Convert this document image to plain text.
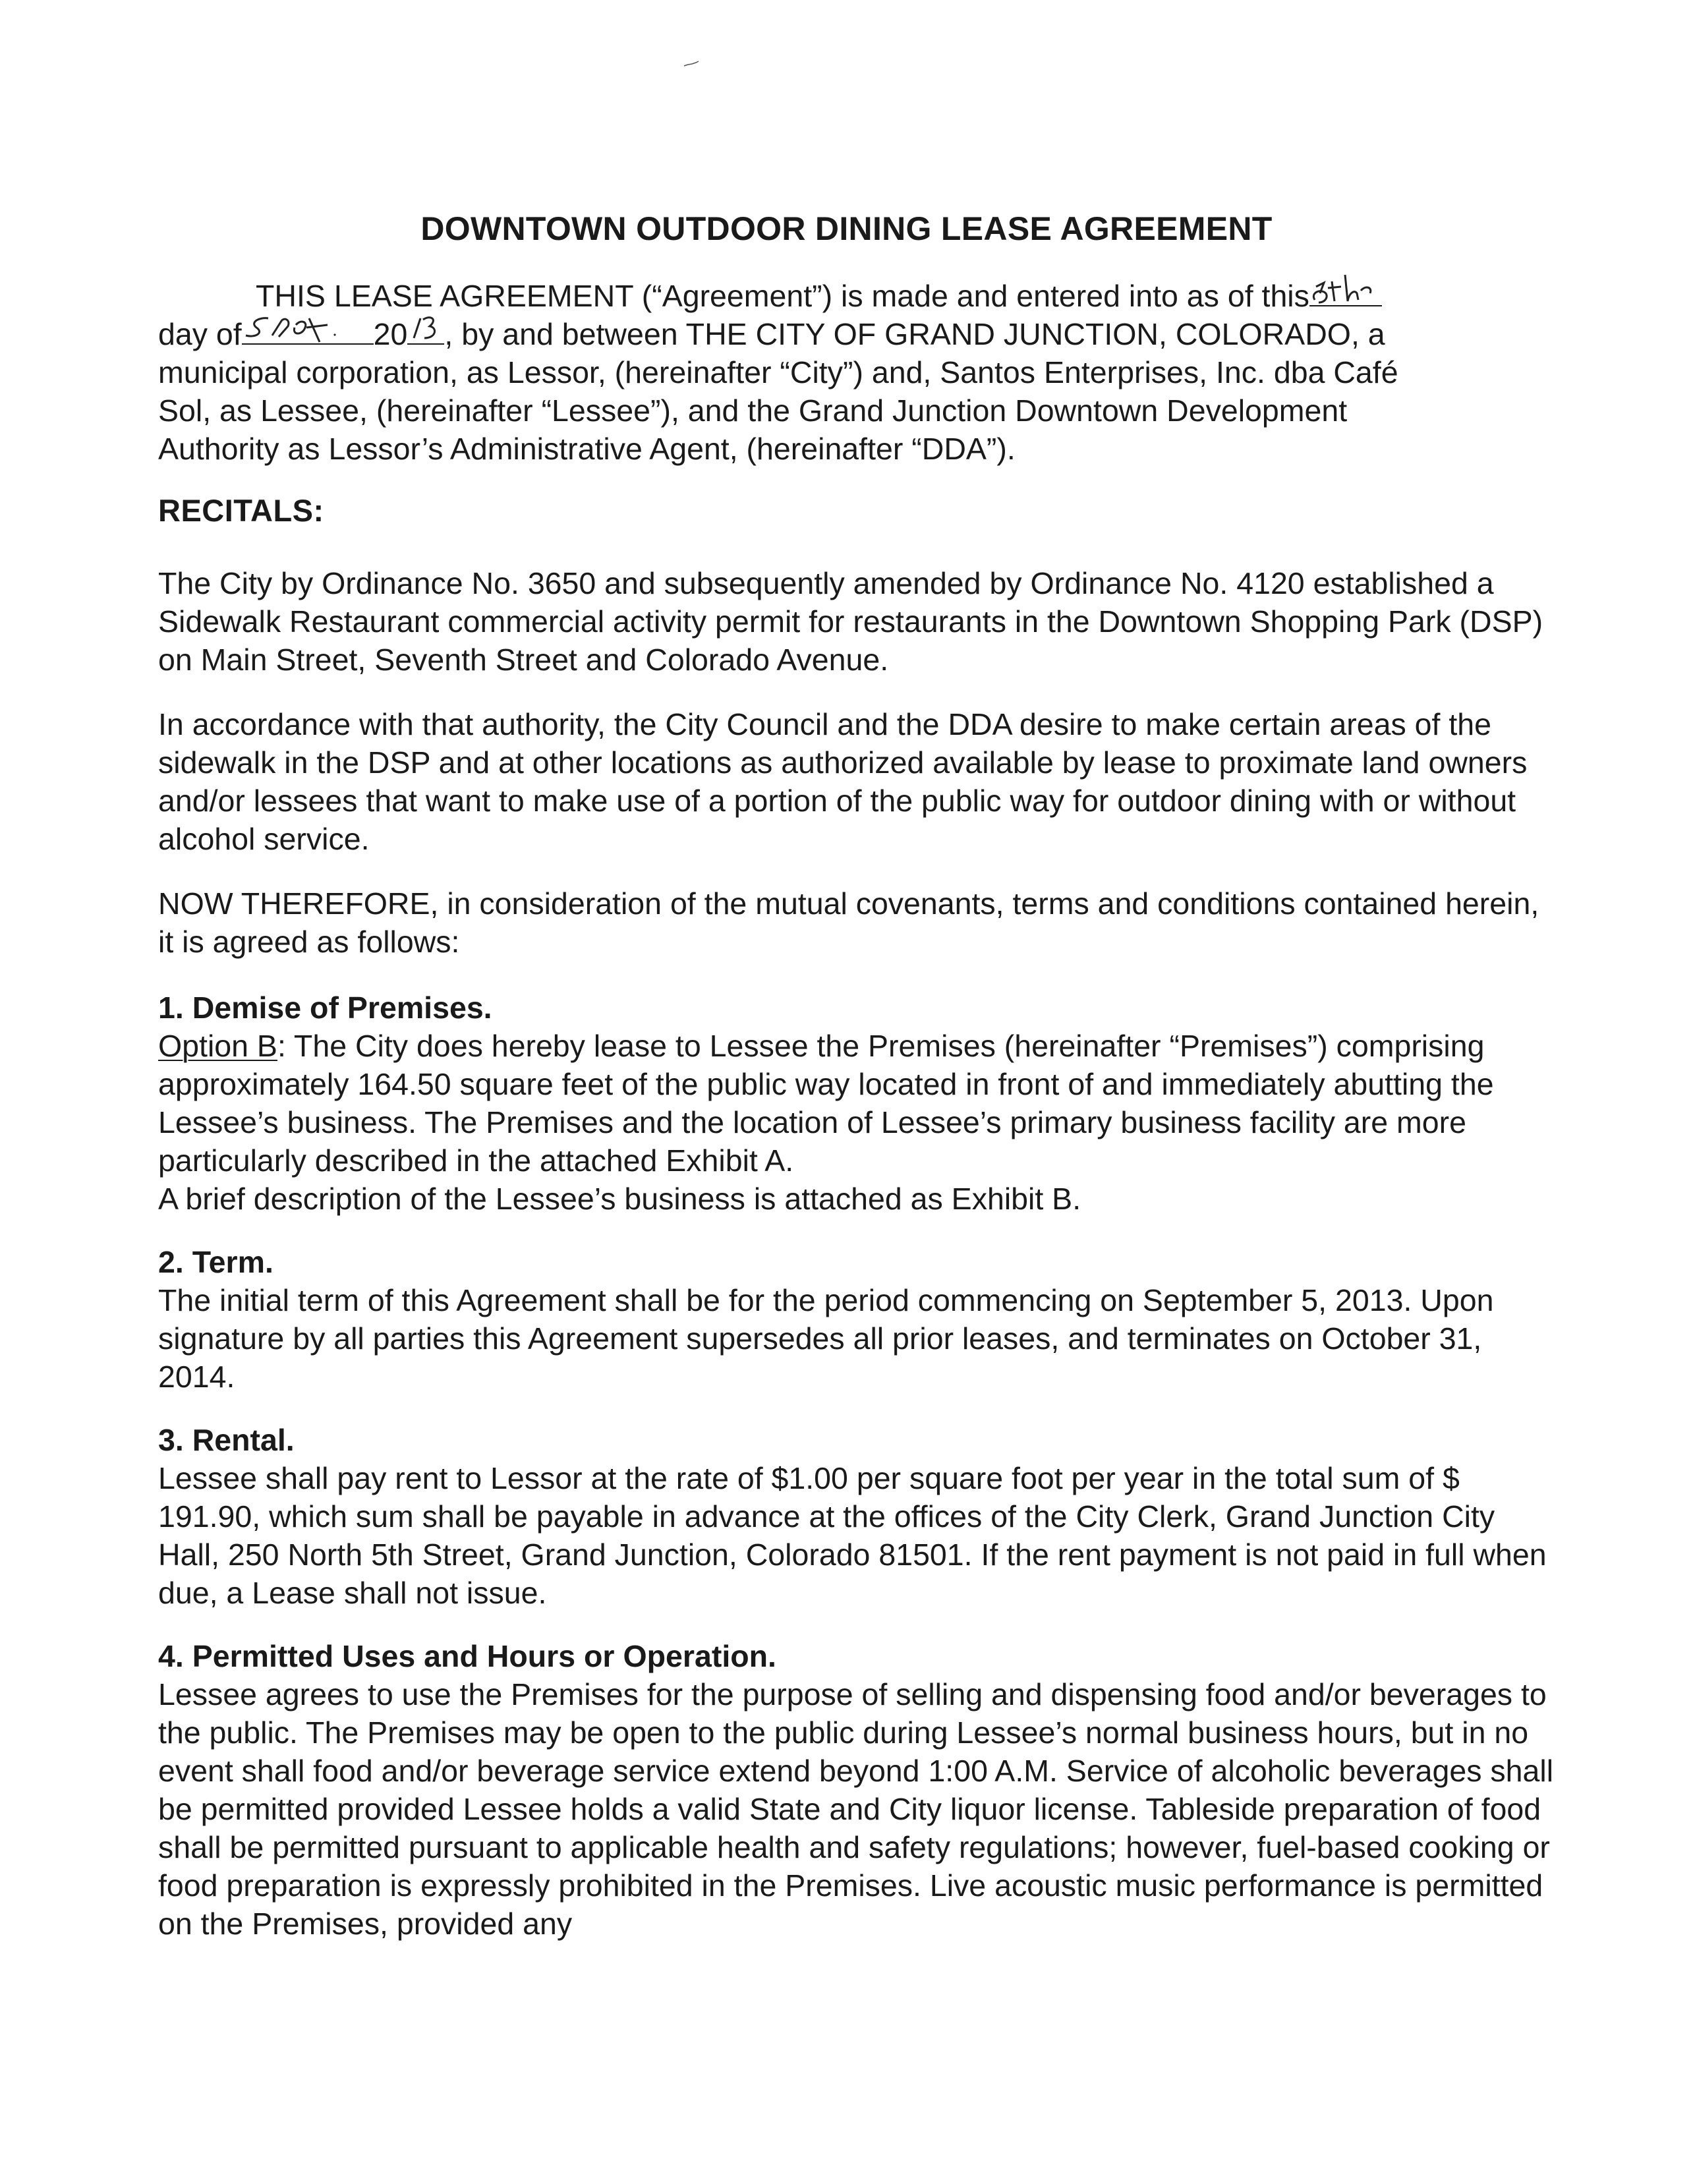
DOWNTOWN OUTDOOR DINING LEASE AGREEMENT

THIS LEASE AGREEMENT (“Agreement”) is made and entered into as of this
day of	20 , by and between THE CITY OF GRAND JUNCTION, COLORADO, a
municipal corporation, as Lessor, (hereinafter “City”) and, Santos Enterprises, Inc. dba Café
Sol, as Lessee, (hereinafter “Lessee”), and the Grand Junction Downtown Development
Authority as Lessor’s Administrative Agent, (hereinafter “DDA”).

RECITALS:

The City by Ordinance No. 3650 and subsequently amended by Ordinance No. 4120 established a Sidewalk Restaurant commercial activity permit for restaurants in the Downtown Shopping Park (DSP) on Main Street, Seventh Street and Colorado Avenue.

In accordance with that authority, the City Council and the DDA desire to make certain areas of the sidewalk in the DSP and at other locations as authorized available by lease to proximate land owners and/or lessees that want to make use of a portion of the public way for outdoor dining with or without alcohol service.

NOW THEREFORE, in consideration of the mutual covenants, terms and conditions contained herein, it is agreed as follows:

1. Demise of Premises.
Option B: The City does hereby lease to Lessee the Premises (hereinafter “Premises”) comprising approximately 164.50 square feet of the public way located in front of and immediately abutting the Lessee’s business. The Premises and the location of Lessee’s primary business facility are more particularly described in the attached Exhibit A.
A brief description of the Lessee’s business is attached as Exhibit B.

2. Term.
The initial term of this Agreement shall be for the period commencing on September 5, 2013. Upon signature by all parties this Agreement supersedes all prior leases, and terminates on October 31, 2014.

3. Rental.
Lessee shall pay rent to Lessor at the rate of $1.00 per square foot per year in the total sum of $ 191.90, which sum shall be payable in advance at the offices of the City Clerk, Grand Junction City Hall, 250 North 5th Street, Grand Junction, Colorado 81501. If the rent payment is not paid in full when due, a Lease shall not issue.

4. Permitted Uses and Hours or Operation.
Lessee agrees to use the Premises for the purpose of selling and dispensing food and/or beverages to the public. The Premises may be open to the public during Lessee’s normal business hours, but in no event shall food and/or beverage service extend beyond 1:00 A.M. Service of alcoholic beverages shall be permitted provided Lessee holds a valid State and City liquor license. Tableside preparation of food shall be permitted pursuant to applicable health and safety regulations; however, fuel-based cooking or food preparation is expressly prohibited in the Premises. Live acoustic music performance is permitted on the Premises, provided any
